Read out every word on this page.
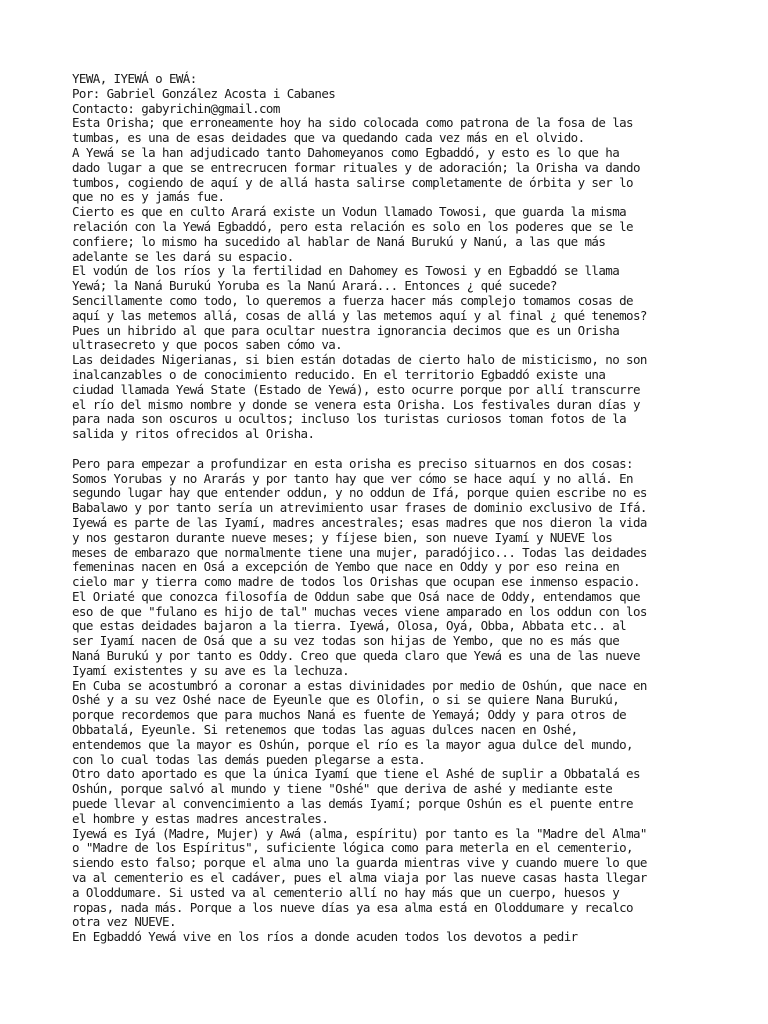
YEWA, IYEWÁ o EWÁ:
Por: Gabriel González Acosta i Cabanes
Contacto: gabyrichin@gmail.com
Esta Orisha; que erroneamente hoy ha sido colocada como patrona de la fosa de las
tumbas, es una de esas deidades que va quedando cada vez más en el olvido.
A Yewá se la han adjudicado tanto Dahomeyanos como Egbaddó, y esto es lo que ha
dado lugar a que se entrecrucen formar rituales y de adoración; la Orisha va dando
tumbos, cogiendo de aquí y de allá hasta salirse completamente de órbita y ser lo
que no es y jamás fue.
Cierto es que en culto Arará existe un Vodun llamado Towosi, que guarda la misma
relación con la Yewá Egbaddó, pero esta relación es solo en los poderes que se le
confiere; lo mismo ha sucedido al hablar de Naná Burukú y Nanú, a las que más
adelante se les dará su espacio.
El vodún de los ríos y la fertilidad en Dahomey es Towosi y en Egbaddó se llama
Yewá; la Naná Burukú Yoruba es la Nanú Arará... Entonces ¿ qué sucede?
Sencillamente como todo, lo queremos a fuerza hacer más complejo tomamos cosas de
aquí y las metemos allá, cosas de allá y las metemos aquí y al final ¿ qué tenemos?
Pues un hibrido al que para ocultar nuestra ignorancia decimos que es un Orisha
ultrasecreto y que pocos saben cómo va.
Las deidades Nigerianas, si bien están dotadas de cierto halo de misticismo, no son
inalcanzables o de conocimiento reducido. En el territorio Egbaddó existe una
ciudad llamada Yewá State (Estado de Yewá), esto ocurre porque por allí transcurre
el río del mismo nombre y donde se venera esta Orisha. Los festivales duran días y
para nada son oscuros u ocultos; incluso los turistas curiosos toman fotos de la
salida y ritos ofrecidos al Orisha.
Pero para empezar a profundizar en esta orisha es preciso situarnos en dos cosas:
Somos Yorubas y no Ararás y por tanto hay que ver cómo se hace aquí y no allá. En
segundo lugar hay que entender oddun, y no oddun de Ifá, porque quien escribe no es
Babalawo y por tanto sería un atrevimiento usar frases de dominio exclusivo de Ifá.
Iyewá es parte de las Iyamí, madres ancestrales; esas madres que nos dieron la vida
y nos gestaron durante nueve meses; y fíjese bien, son nueve Iyamí y NUEVE los
meses de embarazo que normalmente tiene una mujer, paradójico... Todas las deidades
femeninas nacen en Osá a excepción de Yembo que nace en Oddy y por eso reina en
cielo mar y tierra como madre de todos los Orishas que ocupan ese inmenso espacio.
El Oriaté que conozca filosofía de Oddun sabe que Osá nace de Oddy, entendamos que
eso de que "fulano es hijo de tal" muchas veces viene amparado en los oddun con los
que estas deidades bajaron a la tierra. Iyewá, Olosa, Oyá, Obba, Abbata etc.. al
ser Iyamí nacen de Osá que a su vez todas son hijas de Yembo, que no es más que
Naná Burukú y por tanto es Oddy. Creo que queda claro que Yewá es una de las nueve
Iyamí existentes y su ave es la lechuza.
En Cuba se acostumbró a coronar a estas divinidades por medio de Oshún, que nace en
Oshé y a su vez Oshé nace de Eyeunle que es Olofin, o si se quiere Nana Burukú,
porque recordemos que para muchos Naná es fuente de Yemayá; Oddy y para otros de
Obbatalá, Eyeunle. Si retenemos que todas las aguas dulces nacen en Oshé,
entendemos que la mayor es Oshún, porque el río es la mayor agua dulce del mundo,
con lo cual todas las demás pueden plegarse a esta.
Otro dato aportado es que la única Iyamí que tiene el Ashé de suplir a Obbatalá es
Oshún, porque salvó al mundo y tiene "Oshé" que deriva de ashé y mediante este
puede llevar al convencimiento a las demás Iyamí; porque Oshún es el puente entre
el hombre y estas madres ancestrales.
Iyewá es Iyá (Madre, Mujer) y Awá (alma, espíritu) por tanto es la "Madre del Alma"
o "Madre de los Espíritus", suficiente lógica como para meterla en el cementerio,
siendo esto falso; porque el alma uno la guarda mientras vive y cuando muere lo que
va al cementerio es el cadáver, pues el alma viaja por las nueve casas hasta llegar
a Oloddumare. Si usted va al cementerio allí no hay más que un cuerpo, huesos y
ropas, nada más. Porque a los nueve días ya esa alma está en Oloddumare y recalco
otra vez NUEVE.
En Egbaddó Yewá vive en los ríos a donde acuden todos los devotos a pedir
